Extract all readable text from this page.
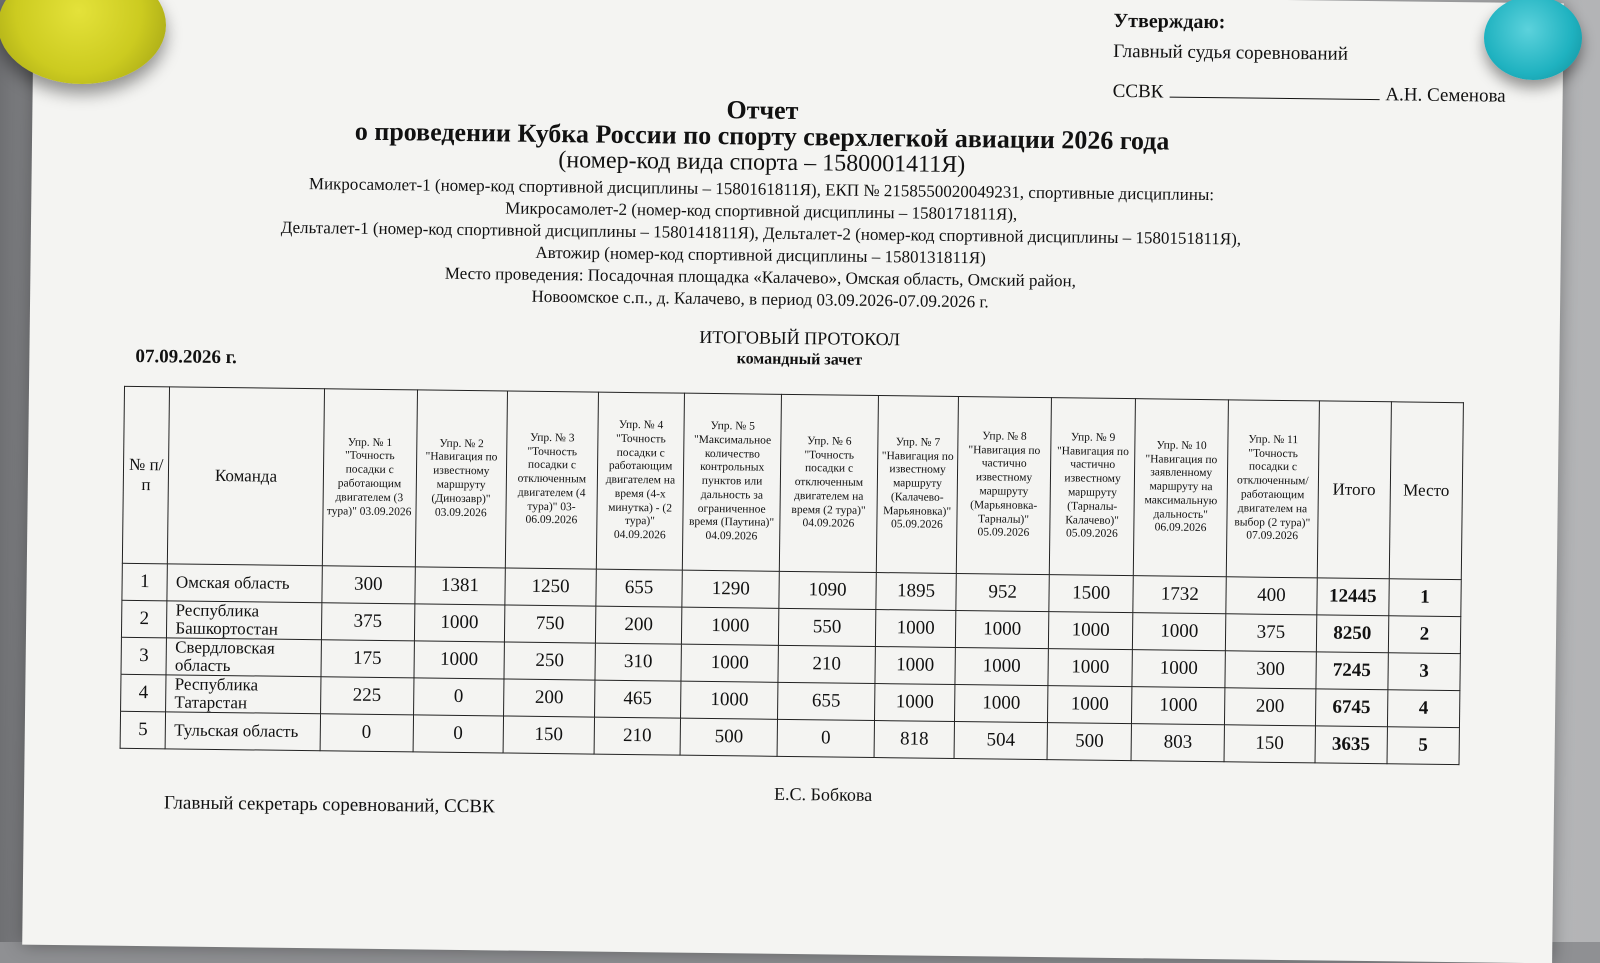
Утверждаю:
Главный судья соревнований
ССВК	А.Н. Семенова
Отчет
о проведении Кубка России по спорту сверхлегкой авиации 2026 года
(номер-код вида спорта – 1580001411Я)
Микросамолет-1 (номер-код спортивной дисциплины – 1580161811Я), ЕКП № 2158550020049231, спортивные дисциплины:
Микросамолет-2 (номер-код спортивной дисциплины – 1580171811Я),
Дельталет-1 (номер-код спортивной дисциплины – 1580141811Я), Дельталет-2 (номер-код спортивной дисциплины – 1580151811Я),
Автожир (номер-код спортивной дисциплины – 1580131811Я)
Место проведения: Посадочная площадка «Калачево», Омская область, Омский район,
Новоомское с.п., д. Калачево, в период 03.09.2026-07.09.2026 г.
ИТОГОВЫЙ ПРОТОКОЛ
командный зачет
07.09.2026 г.
№ п/ п	Команда	Упр. № 1 "Точность посадки с работающим двигателем (3 тура)" 03.09.2026	Упр. № 2 "Навигация по известному маршруту (Динозавр)" 03.09.2026	Упр. № 3 "Точность посадки с отключенным двигателем (4 тура)" 03-06.09.2026	Упр. № 4 "Точность посадки с работающим двигателем на время (4-х минутка) - (2 тура)" 04.09.2026	Упр. № 5 "Максимальное количество контрольных пунктов или дальность за ограниченное время (Паутина)" 04.09.2026	Упр. № 6 "Точность посадки с отключенным двигателем на время (2 тура)" 04.09.2026	Упр. № 7 "Навигация по известному маршруту (Калачево-Марьяновка)" 05.09.2026	Упр. № 8 "Навигация по частично известному маршруту (Марьяновка-Тарналы)" 05.09.2026	Упр. № 9 "Навигация по частично известному маршруту (Тарналы-Калачево)" 05.09.2026	Упр. № 10 "Навигация по заявленному маршруту на максимальную дальность" 06.09.2026	Упр. № 11 "Точность посадки с отключенным/ работающим двигателем на выбор (2 тура)" 07.09.2026	Итого	Место
1	Омская область	300	1381	1250	655	1290	1090	1895	952	1500	1732	400	12445	1
2	Республика Башкортостан	375	1000	750	200	1000	550	1000	1000	1000	1000	375	8250	2
3	Свердловская область	175	1000	250	310	1000	210	1000	1000	1000	1000	300	7245	3
4	Республика Татарстан	225	0	200	465	1000	655	1000	1000	1000	1000	200	6745	4
5	Тульская область	0	0	150	210	500	0	818	504	500	803	150	3635	5
Главный секретарь соревнований, ССВК	Е.С. Бобкова
